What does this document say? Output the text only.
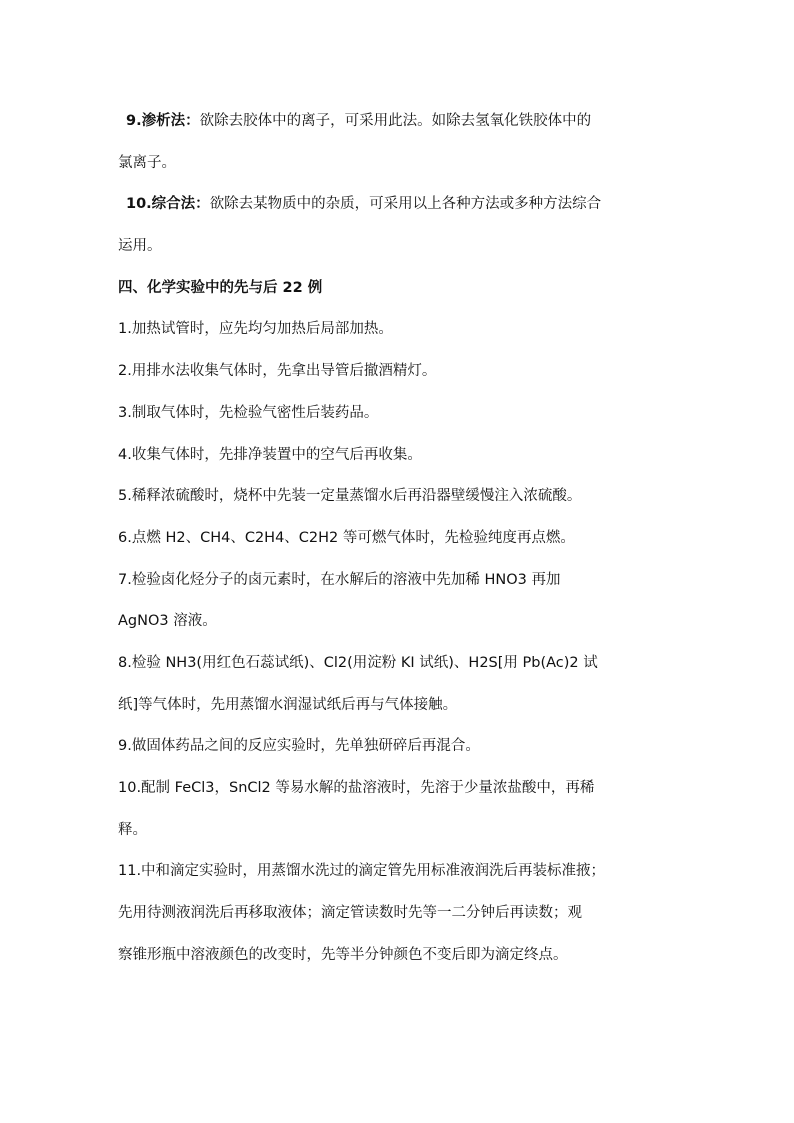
9.渗析法：欲除去胶体中的离子，可采用此法。如除去氢氧化铁胶体中的
氯离子。
10.综合法：欲除去某物质中的杂质，可采用以上各种方法或多种方法综合
运用。
四、化学实验中的先与后 22 例
1.加热试管时，应先均匀加热后局部加热。
2.用排水法收集气体时，先拿出导管后撤酒精灯。
3.制取气体时，先检验气密性后装药品。
4.收集气体时，先排净装置中的空气后再收集。
5.稀释浓硫酸时，烧杯中先装一定量蒸馏水后再沿器壁缓慢注入浓硫酸。
6.点燃 H2、CH4、C2H4、C2H2 等可燃气体时，先检验纯度再点燃。
7.检验卤化烃分子的卤元素时，在水解后的溶液中先加稀 HNO3 再加
AgNO3 溶液。
8.检验 NH3(用红色石蕊试纸)、Cl2(用淀粉 KI 试纸)、H2S[用 Pb(Ac)2 试
纸]等气体时，先用蒸馏水润湿试纸后再与气体接触。
9.做固体药品之间的反应实验时，先单独研碎后再混合。
10.配制 FeCl3，SnCl2 等易水解的盐溶液时，先溶于少量浓盐酸中，再稀
释。
11.中和滴定实验时，用蒸馏水洗过的滴定管先用标准液润洗后再装标准掖；
先用待测液润洗后再移取液体；滴定管读数时先等一二分钟后再读数；观
察锥形瓶中溶液颜色的改变时，先等半分钟颜色不变后即为滴定终点。
